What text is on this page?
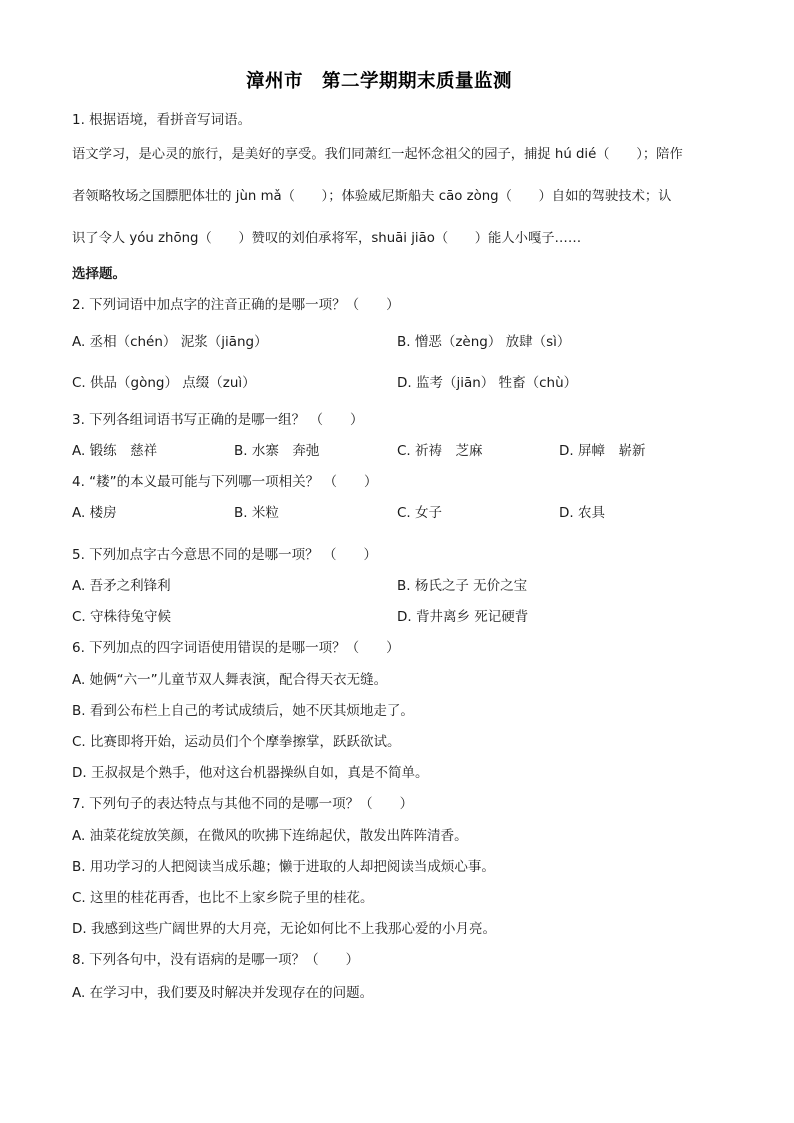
漳州市　第二学期期末质量监测
1. 根据语境，看拼音写词语。
语文学习，是心灵的旅行，是美好的享受。我们同萧红一起怀念祖父的园子，捕捉 hú dié（　　）；陪作
者领略牧场之国膘肥体壮的 jùn mǎ（　　）；体验威尼斯船夫 cāo zòng（　　）自如的驾驶技术；认
识了令人 yóu zhōng（　　）赞叹的刘伯承将军，shuāi jiāo（　　）能人小嘎子……
选择题。
2. 下列词语中加点字的注音正确的是哪一项？（　　）
A. 丞相（chén） 泥浆（jiāng）	B. 憎恶（zèng） 放肆（sì）
C. 供品（gòng） 点缀（zuì）	D. 监考（jiān） 牲畜（chù）
3. 下列各组词语书写正确的是哪一组？ （　　）
A. 锻练　慈祥	B. 水寨　奔弛	C. 祈祷　芝麻	D. 屏幛　崭新
4. “耧”的本义最可能与下列哪一项相关？ （　　）
A. 楼房	B. 米粒	C. 女子	D. 农具
5. 下列加点字古今意思不同的是哪一项？ （　　）
A. 吾矛之利锋利	B. 杨氏之子 无价之宝
C. 守株待兔守候	D. 背井离乡 死记硬背
6. 下列加点的四字词语使用错误的是哪一项？（　　）
A. 她俩“六一”儿童节双人舞表演，配合得天衣无缝。
B. 看到公布栏上自己的考试成绩后，她不厌其烦地走了。
C. 比赛即将开始，运动员们个个摩拳擦掌，跃跃欲试。
D. 王叔叔是个熟手，他对这台机器操纵自如，真是不简单。
7. 下列句子的表达特点与其他不同的是哪一项？（　　）
A. 油菜花绽放笑颜，在微风的吹拂下连绵起伏，散发出阵阵清香。
B. 用功学习的人把阅读当成乐趣；懒于进取的人却把阅读当成烦心事。
C. 这里的桂花再香，也比不上家乡院子里的桂花。
D. 我感到这些广阔世界的大月亮，无论如何比不上我那心爱的小月亮。
8. 下列各句中，没有语病的是哪一项？（　　）
A. 在学习中，我们要及时解决并发现存在的问题。
